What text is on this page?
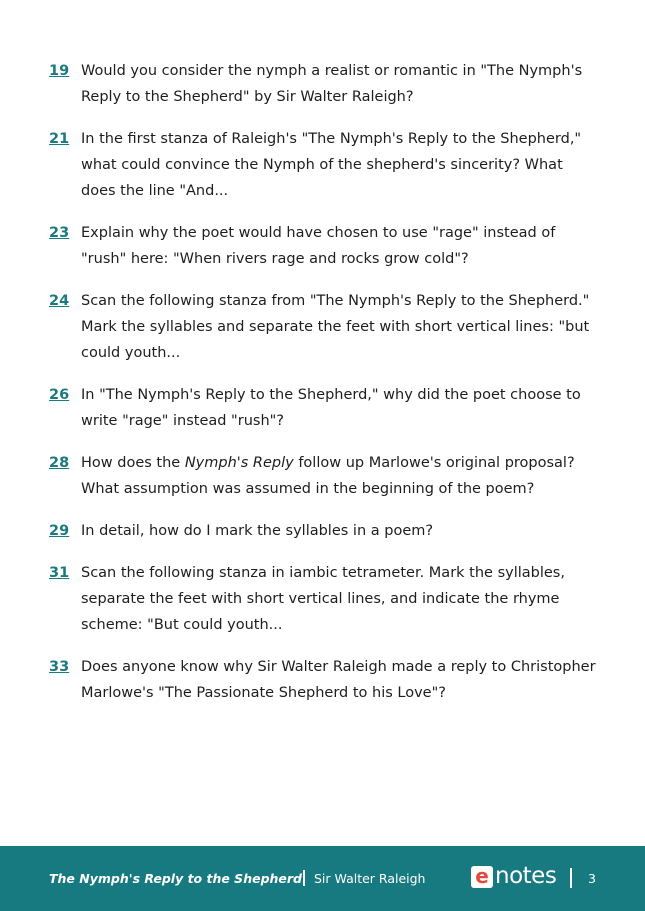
19 Would you consider the nymph a realist or romantic in "The Nymph's Reply to the Shepherd" by Sir Walter Raleigh?
21 In the first stanza of Raleigh's "The Nymph's Reply to the Shepherd," what could convince the Nymph of the shepherd's sincerity? What does the line "And...
23 Explain why the poet would have chosen to use "rage" instead of "rush" here: "When rivers rage and rocks grow cold"?
24 Scan the following stanza from "The Nymph's Reply to the Shepherd." Mark the syllables and separate the feet with short vertical lines: "but could youth...
26 In "The Nymph's Reply to the Shepherd," why did the poet choose to write "rage" instead "rush"?
28 How does the Nymph's Reply follow up Marlowe's original proposal? What assumption was assumed in the beginning of the poem?
29 In detail, how do I mark the syllables in a poem?
31 Scan the following stanza in iambic tetrameter. Mark the syllables, separate the feet with short vertical lines, and indicate the rhyme scheme: "But could youth...
33 Does anyone know why Sir Walter Raleigh made a reply to Christopher Marlowe's "The Passionate Shepherd to his Love"?
The Nymph's Reply to the Shepherd Sir Walter Raleigh e notes	3
